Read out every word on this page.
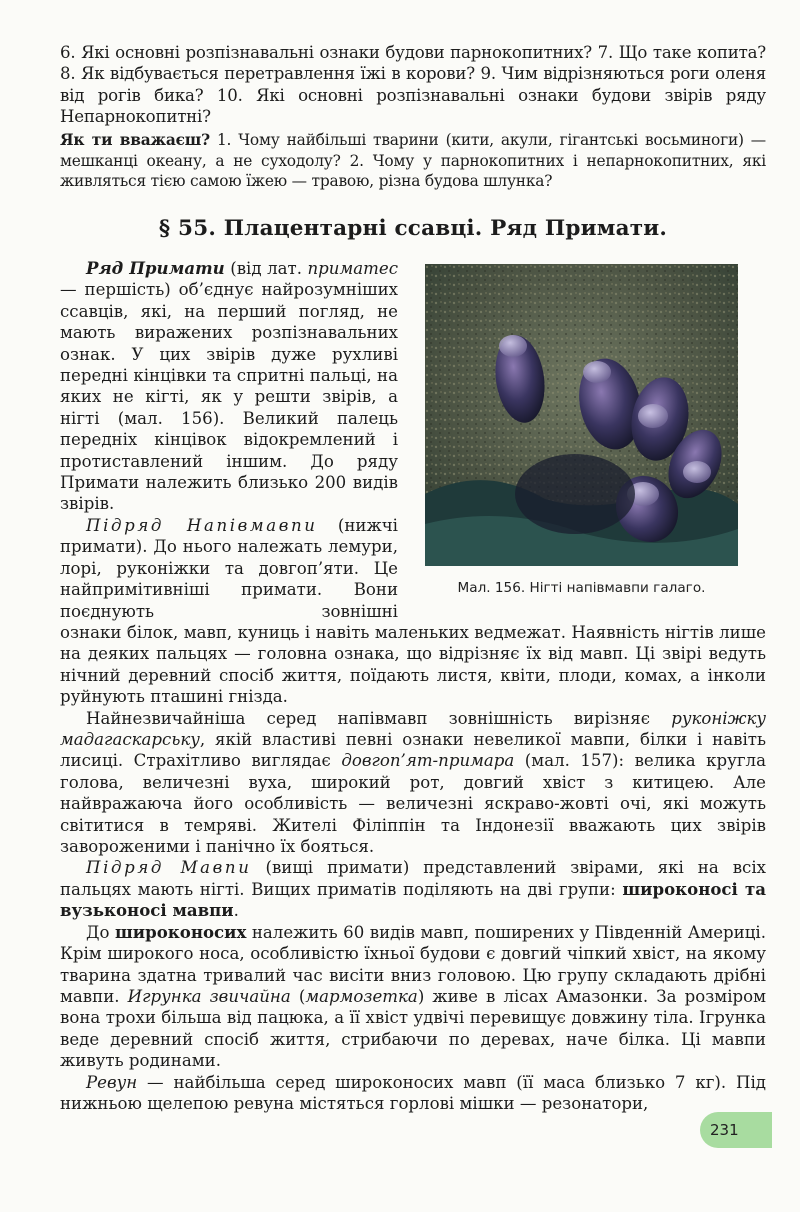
6. Які основні розпізнавальні ознаки будови парнокопитних? 7. Що таке копита? 8. Як відбувається перетравлення їжі в корови? 9. Чим відрізняються роги оленя від рогів бика? 10. Які основні розпізнавальні ознаки будови звірів ряду Непарнокопитні?

Як ти вважаєш? 1. Чому найбільші тварини (кити, акули, гігантські восьминоги) — мешканці океану, а не суходолу? 2. Чому у парнокопитних і непарнокопитних, які живляться тією самою їжею — травою, різна будова шлунка?

§ 55. Плацентарні ссавці. Ряд Примати.

Ряд Примати (від лат. приматес — першість) об’єднує найрозумніших ссавців, які, на перший погляд, не мають виражених розпізнавальних ознак. У цих звірів дуже рухливі передні кінцівки та спритні пальці, на яких не кігті, як у решти звірів, а нігті (мал. 156). Великий палець передніх кінцівок відокремлений і протиставлений іншим. До ряду Примати належить близько 200 видів звірів.

Підряд Напівмавпи (нижчі примати). До нього належать лемури, лорі, руконіжки та довгоп’яти. Це найпримітивніші примати. Вони поєднують зовнішні

Мал. 156. Нігті напівмавпи галаго.

ознаки білок, мавп, куниць і навіть маленьких ведмежат. Наявність нігтів лише на деяких пальцях — головна ознака, що відрізняє їх від мавп. Ці звірі ведуть нічний деревний спосіб життя, поїдають листя, квіти, плоди, комах, а інколи руйнують пташині гнізда.

Найнезвичайніша серед напівмавп зовнішність вирізняє руконіжку мадагаскарську, якій властиві певні ознаки невеликої мавпи, білки і навіть лисиці. Страхітливо виглядає довгоп’ят-примара (мал. 157): велика кругла голова, величезні вуха, широкий рот, довгий хвіст з китицею. Але найвражаюча його особливість — величезні яскраво-жовті очі, які можуть світитися в темряві. Жителі Філіппін та Індонезії вважають цих звірів завороженими і панічно їх бояться.

Підряд Мавпи (вищі примати) представлений звірами, які на всіх пальцях мають нігті. Вищих приматів поділяють на дві групи: широконосі та вузьконосі мавпи.

До широконосих належить 60 видів мавп, поширених у Південній Америці. Крім широкого носа, особливістю їхньої будови є довгий чіпкий хвіст, на якому тварина здатна тривалий час висіти вниз головою. Цю групу складають дрібні мавпи. Игрунка звичайна (мармозетка) живе в лісах Амазонки. За розміром вона трохи більша від пацюка, а її хвіст удвічі перевищує довжину тіла. Ігрунка веде деревний спосіб життя, стрибаючи по деревах, наче білка. Ці мавпи живуть родинами.

Ревун — найбільша серед широконосих мавп (її маса близько 7 кг). Під нижньою щелепою ревуна містяться горлові мішки — резонатори,

231
